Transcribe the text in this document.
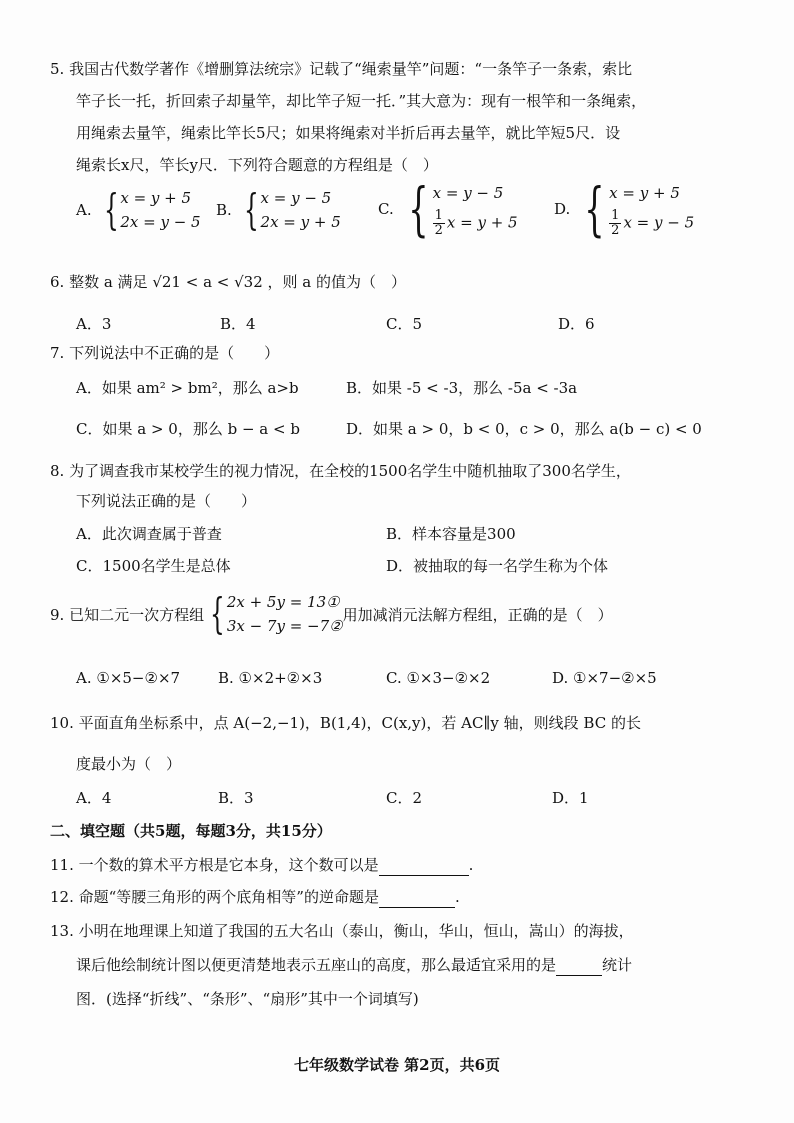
5. 我国古代数学著作《增删算法统宗》记载了“绳索量竿”问题：“一条竿子一条索，索比
竿子长一托，折回索子却量竿，却比竿子短一托．”其大意为：现有一根竿和一条绳索，
用绳索去量竿，绳索比竿长5尺；如果将绳索对半折后再去量竿，就比竿短5尺．设
绳索长x尺，竿长y尺．下列符合题意的方程组是（　）
A. { x = y + 5
2x = y − 5
B. { x = y − 5
2x = y + 5
C. { x = y − 5
$\frac{1}{2}$ x = y + 5
D. { x = y + 5
$\frac{1}{2}$ x = y − 5
6. 整数 a 满足 √21 < a < √32 ，则 a 的值为（　）
A．3	B．4	C．5	D．6
7. 下列说法中不正确的是（　　）
A．如果 am² > bm²，那么 a>b	B．如果 -5 < -3，那么 -5a < -3a
C．如果 a > 0，那么 b − a < b	D．如果 a > 0，b < 0，c > 0，那么 a(b − c) < 0
8. 为了调查我市某校学生的视力情况，在全校的1500名学生中随机抽取了300名学生，
下列说法正确的是（　　）
A．此次调查属于普查	B．样本容量是300
C．1500名学生是总体	D．被抽取的每一名学生称为个体
9. 已知二元一次方程组 { 2x + 5y = 13①
3x − 7y = −7②
用加减消元法解方程组，正确的是（　）
A. ①×5−②×7	B. ①×2+②×3	C. ①×3−②×2	D. ①×7−②×5
10. 平面直角坐标系中，点 A(−2,−1)，B(1,4)，C(x,y)，若 AC∥y 轴，则线段 BC 的长
度最小为（　）
A．4	B．3	C．2	D．1
二、填空题（共5题，每题3分，共15分）
11. 一个数的算术平方根是它本身，这个数可以是	.
12. 命题“等腰三角形的两个底角相等”的逆命题是	.
13. 小明在地理课上知道了我国的五大名山（泰山，衡山，华山，恒山，嵩山）的海拔，
课后他绘制统计图以便更清楚地表示五座山的高度，那么最适宜采用的是	统计
图．(选择“折线”、“条形”、“扇形”其中一个词填写)
七年级数学试卷 第2页，共6页
